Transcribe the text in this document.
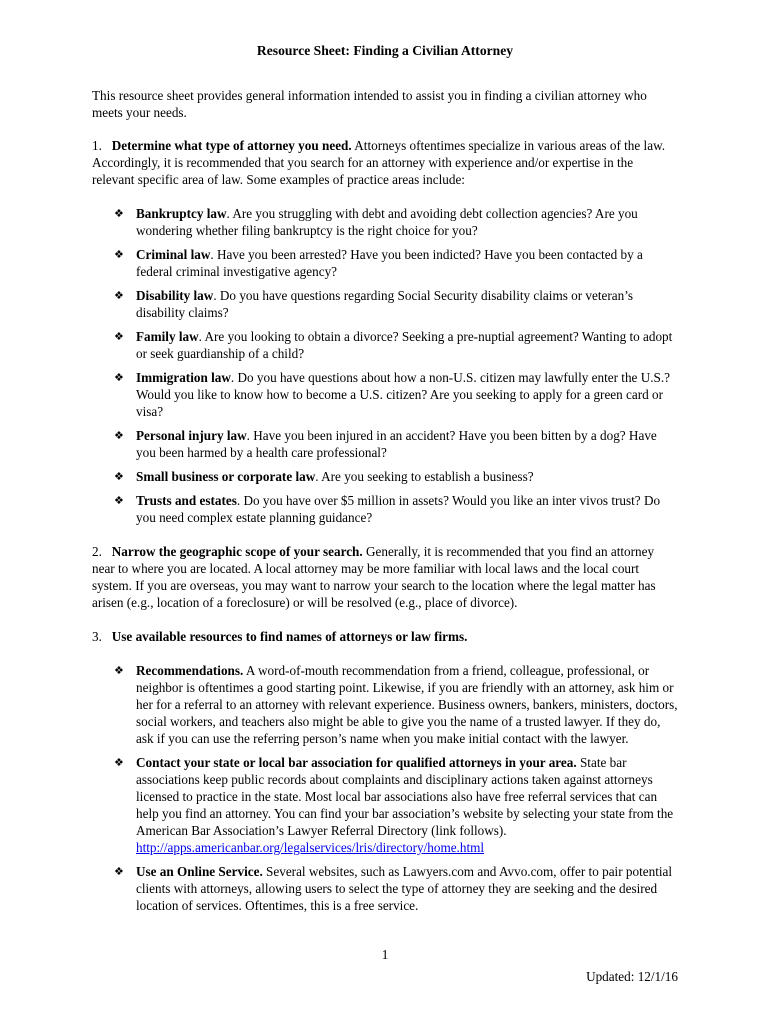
Resource Sheet: Finding a Civilian Attorney

This resource sheet provides general information intended to assist you in finding a civilian attorney who meets your needs.

1. Determine what type of attorney you need. Attorneys oftentimes specialize in various areas of the law. Accordingly, it is recommended that you search for an attorney with experience and/or expertise in the relevant specific area of law. Some examples of practice areas include:

❖ Bankruptcy law. Are you struggling with debt and avoiding debt collection agencies? Are you wondering whether filing bankruptcy is the right choice for you?
❖ Criminal law. Have you been arrested? Have you been indicted? Have you been contacted by a federal criminal investigative agency?
❖ Disability law. Do you have questions regarding Social Security disability claims or veteran’s disability claims?
❖ Family law. Are you looking to obtain a divorce? Seeking a pre-nuptial agreement? Wanting to adopt or seek guardianship of a child?
❖ Immigration law. Do you have questions about how a non-U.S. citizen may lawfully enter the U.S.? Would you like to know how to become a U.S. citizen? Are you seeking to apply for a green card or visa?
❖ Personal injury law. Have you been injured in an accident? Have you been bitten by a dog? Have you been harmed by a health care professional?
❖ Small business or corporate law. Are you seeking to establish a business?
❖ Trusts and estates. Do you have over $5 million in assets? Would you like an inter vivos trust? Do you need complex estate planning guidance?

2. Narrow the geographic scope of your search. Generally, it is recommended that you find an attorney near to where you are located. A local attorney may be more familiar with local laws and the local court system. If you are overseas, you may want to narrow your search to the location where the legal matter has arisen (e.g., location of a foreclosure) or will be resolved (e.g., place of divorce).

3. Use available resources to find names of attorneys or law firms.

❖ Recommendations. A word-of-mouth recommendation from a friend, colleague, professional, or neighbor is oftentimes a good starting point. Likewise, if you are friendly with an attorney, ask him or her for a referral to an attorney with relevant experience. Business owners, bankers, ministers, doctors, social workers, and teachers also might be able to give you the name of a trusted lawyer. If they do, ask if you can use the referring person’s name when you make initial contact with the lawyer.
❖ Contact your state or local bar association for qualified attorneys in your area. State bar associations keep public records about complaints and disciplinary actions taken against attorneys licensed to practice in the state. Most local bar associations also have free referral services that can help you find an attorney. You can find your bar association’s website by selecting your state from the American Bar Association’s Lawyer Referral Directory (link follows). http://apps.americanbar.org/legalservices/lris/directory/home.html
❖ Use an Online Service. Several websites, such as Lawyers.com and Avvo.com, offer to pair potential clients with attorneys, allowing users to select the type of attorney they are seeking and the desired location of services. Oftentimes, this is a free service.
1
Updated: 12/1/16
